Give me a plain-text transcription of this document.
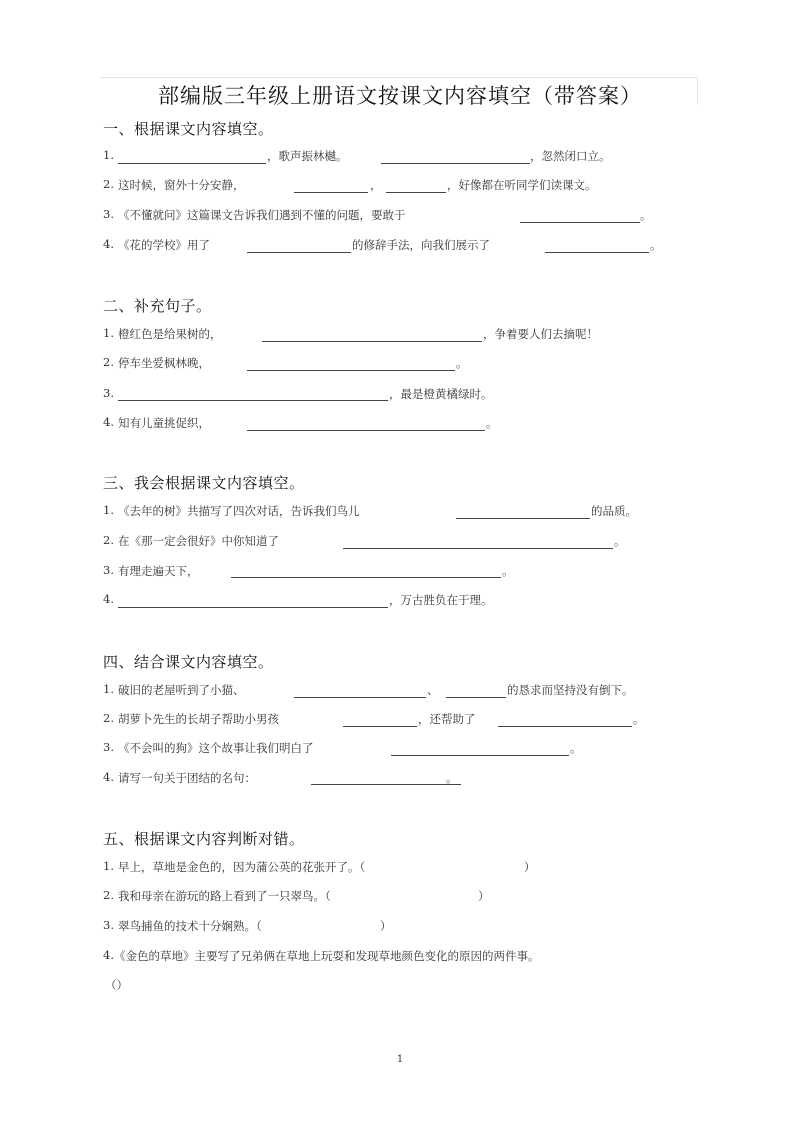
部编版三年级上册语文按课文内容填空（带答案）
一、根据课文内容填空。
1.	，歌声振林樾。	，忽然闭口立。
2. 这时候，窗外十分安静，	，	，好像都在听同学们读课文。
3. 《不懂就问》这篇课文告诉我们遇到不懂的问题，要敢于	。
4. 《花的学校》用了	的修辞手法，向我们展示了	。
二、补充句子。
1. 橙红色是给果树的，	，争着要人们去摘呢！
2. 停车坐爱枫林晚，	。
3.	，最是橙黄橘绿时。
4. 知有儿童挑促织，	。
三、我会根据课文内容填空。
1. 《去年的树》共描写了四次对话，告诉我们鸟儿	的品质。
2. 在《那一定会很好》中你知道了	。
3. 有理走遍天下，	。
4.	，万古胜负在于理。
四、结合课文内容填空。
1. 破旧的老屋听到了小猫、	、	的恳求而坚持没有倒下。
2. 胡萝卜先生的长胡子帮助小男孩	，还帮助了	。
3. 《不会叫的狗》这个故事让我们明白了	。
4. 请写一句关于团结的名句：	。
五、根据课文内容判断对错。
1. 早上，草地是金色的，因为蒲公英的花张开了。（	）
2. 我和母亲在游玩的路上看到了一只翠鸟。（	）
3. 翠鸟捕鱼的技术十分娴熟。（	）
4. 《金色的草地》主要写了兄弟俩在草地上玩耍和发现草地颜色变化的原因的两件事。
（）
1
